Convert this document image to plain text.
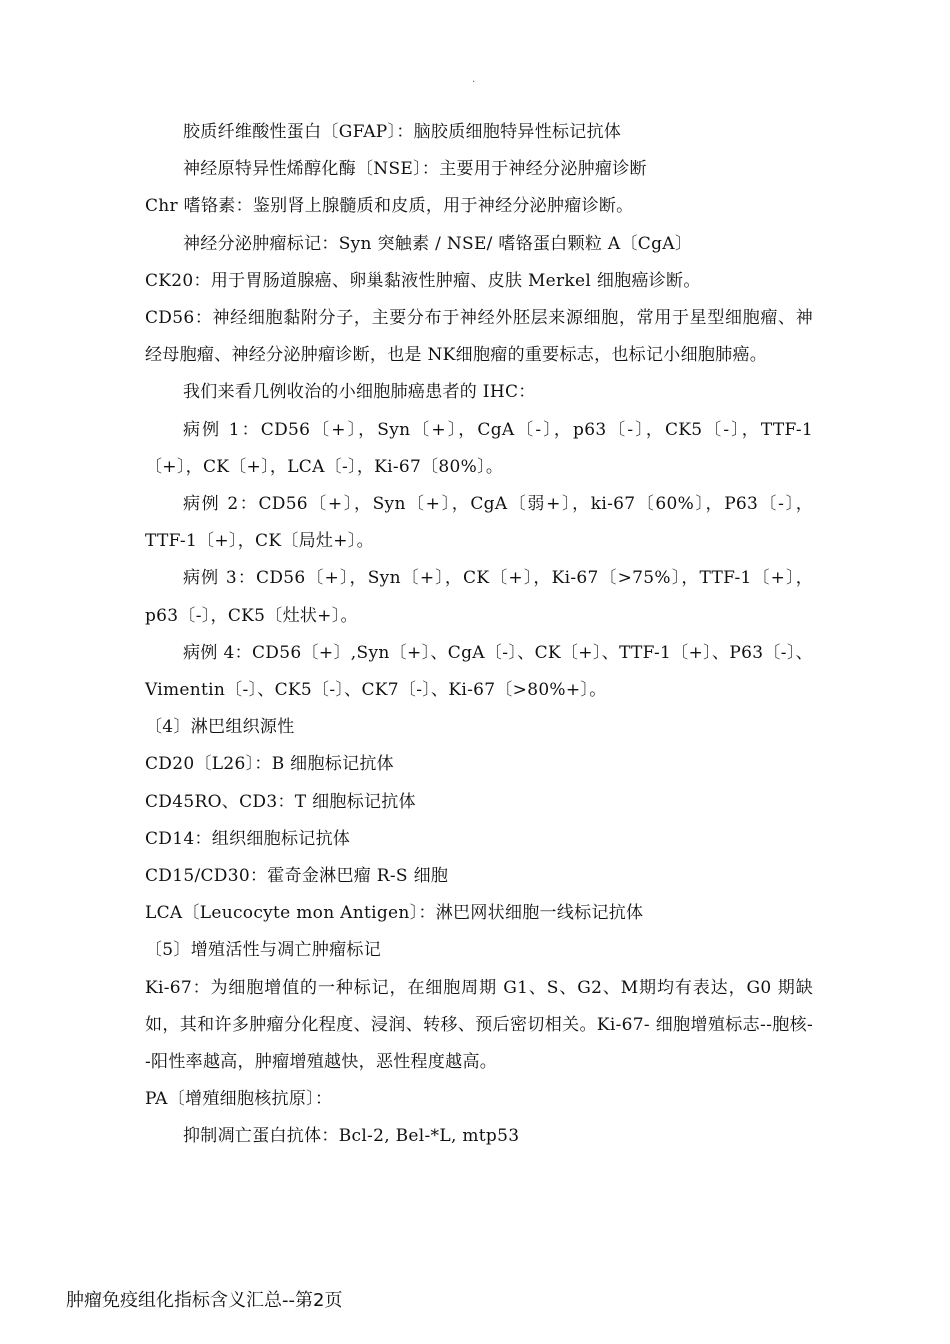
.

胶质纤维酸性蛋白〔GFAP〕：脑胶质细胞特异性标记抗体

神经原特异性烯醇化酶〔NSE〕：主要用于神经分泌肿瘤诊断

Chr 嗜铬素：鉴别肾上腺髓质和皮质，用于神经分泌肿瘤诊断。

神经分泌肿瘤标记：Syn 突触素 / NSE/ 嗜铬蛋白颗粒 A〔CgA〕

CK20：用于胃肠道腺癌、卵巢黏液性肿瘤、皮肤 Merkel 细胞癌诊断。

CD56：神经细胞黏附分子，主要分布于神经外胚层来源细胞，常用于星型细胞瘤、神经母胞瘤、神经分泌肿瘤诊断，也是 NK细胞瘤的重要标志，也标记小细胞肺癌。

我们来看几例收治的小细胞肺癌患者的 IHC：

病例 1：CD56〔+〕，Syn〔+〕，CgA〔-〕，p63〔-〕，CK5〔-〕，TTF-1〔+〕，CK〔+〕，LCA〔-〕，Ki-67〔80%〕。

病例 2：CD56〔+〕，Syn〔+〕，CgA〔弱+〕，ki-67〔60%〕，P63〔-〕，TTF-1〔+〕，CK〔局灶+〕。

病例 3：CD56〔+〕，Syn〔+〕，CK〔+〕，Ki-67〔>75%〕，TTF-1〔+〕，p63〔-〕，CK5〔灶状+〕。

病例 4：CD56〔+〕,Syn〔+〕、CgA〔-〕、CK〔+〕、TTF-1〔+〕、P63〔-〕、Vimentin〔-〕、CK5〔-〕、CK7〔-〕、Ki-67〔>80%+〕。

〔4〕淋巴组织源性

CD20〔L26〕：B 细胞标记抗体

CD45RO、CD3：T 细胞标记抗体

CD14：组织细胞标记抗体

CD15/CD30：霍奇金淋巴瘤 R-S 细胞

LCA〔Leucocyte mon Antigen〕：淋巴网状细胞一线标记抗体

〔5〕增殖活性与凋亡肿瘤标记

Ki-67：为细胞增值的一种标记，在细胞周期 G1、S、G2、M期均有表达，G0 期缺如，其和许多肿瘤分化程度、浸润、转移、预后密切相关。Ki-67- 细胞增殖标志--胞核--阳性率越高，肿瘤增殖越快，恶性程度越高。

PA〔增殖细胞核抗原〕：

抑制凋亡蛋白抗体：Bcl-2, Bel-*L, mtp53

肿瘤免疫组化指标含义汇总--第2页
